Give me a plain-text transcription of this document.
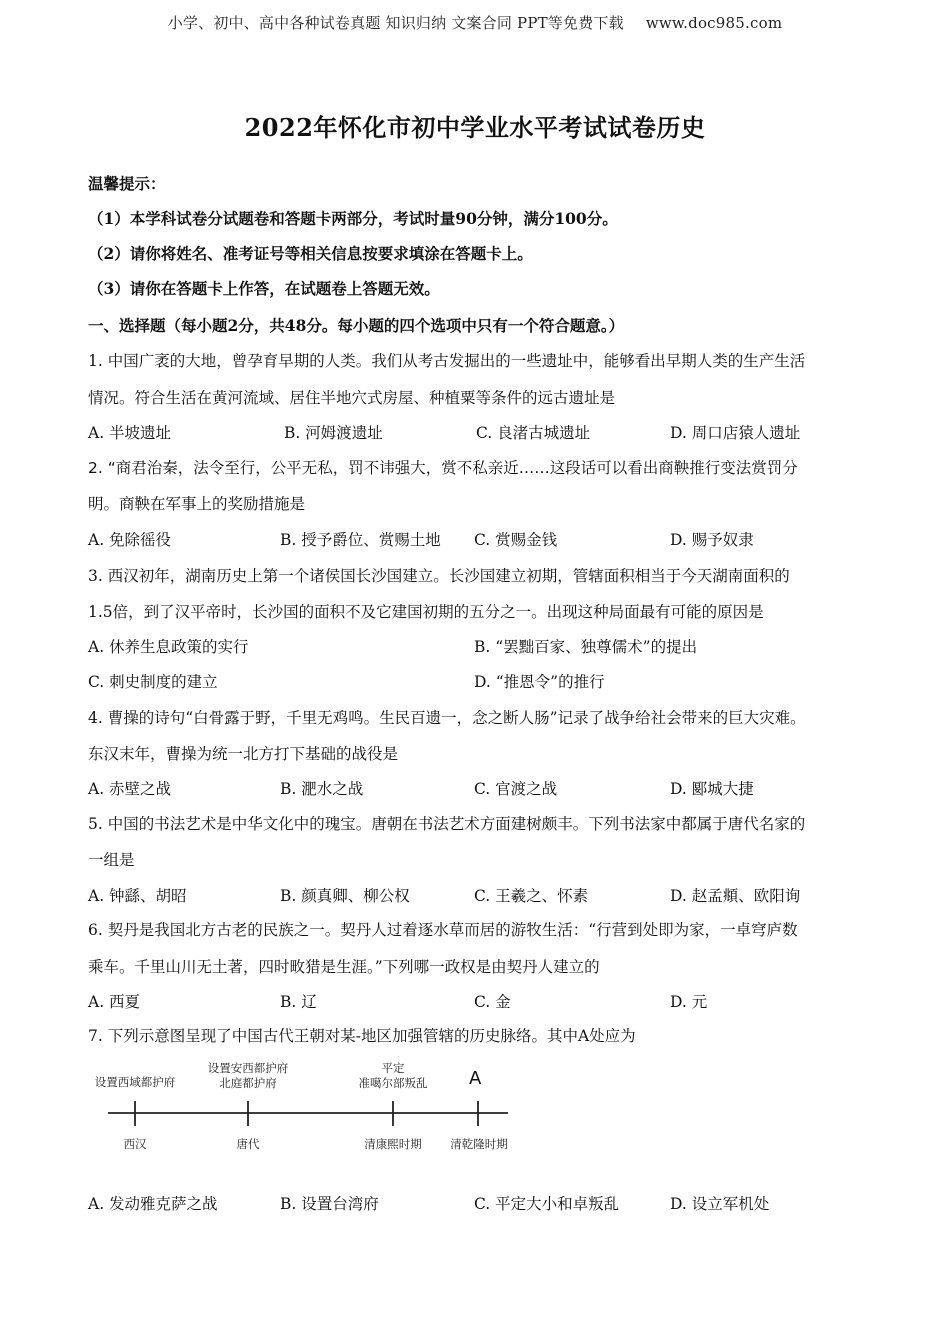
小学、初中、高中各种试卷真题 知识归纳 文案合同 PPT等免费下载 www.doc985.com
2022年怀化市初中学业水平考试试卷历史
温馨提示：
（1）本学科试卷分试题卷和答题卡两部分，考试时量90分钟，满分100分。
（2）请你将姓名、准考证号等相关信息按要求填涂在答题卡上。
（3）请你在答题卡上作答，在试题卷上答题无效。
一、选择题（每小题2分，共48分。每小题的四个选项中只有一个符合题意。）
1. 中国广袤的大地，曾孕育早期的人类。我们从考古发掘出的一些遗址中，能够看出早期人类的生产生活
情况。符合生活在黄河流域、居住半地穴式房屋、种植粟等条件的远古遗址是
A. 半坡遗址	B. 河姆渡遗址	C. 良渚古城遗址	D. 周口店猿人遗址
2. “商君治秦，法令至行，公平无私，罚不讳强大，赏不私亲近……这段话可以看出商鞅推行变法赏罚分
明。商鞅在军事上的奖励措施是
A. 免除徭役	B. 授予爵位、赏赐土地 C. 赏赐金钱	D. 赐予奴隶
3. 西汉初年，湖南历史上第一个诸侯国长沙国建立。长沙国建立初期，管辖面积相当于今天湖南面积的
1.5倍，到了汉平帝时，长沙国的面积不及它建国初期的五分之一。出现这种局面最有可能的原因是
A. 休养生息政策的实行	B. “罢黜百家、独尊儒术”的提出
C. 刺史制度的建立	D. “推恩令”的推行
4. 曹操的诗句“白骨露于野，千里无鸡鸣。生民百遗一，念之断人肠”记录了战争给社会带来的巨大灾难。
东汉末年，曹操为统一北方打下基础的战役是
A. 赤壁之战	B. 淝水之战	C. 官渡之战	D. 郾城大捷
5. 中国的书法艺术是中华文化中的瑰宝。唐朝在书法艺术方面建树颇丰。下列书法家中都属于唐代名家的
一组是
A. 钟繇、胡昭	B. 颜真卿、柳公权	C. 王羲之、怀素	D. 赵孟頫、欧阳询
6. 契丹是我国北方古老的民族之一。契丹人过着逐水草而居的游牧生活：“行营到处即为家，一卓穹庐数
乘车。千里山川无土著，四时畋猎是生涯。”下列哪一政权是由契丹人建立的
A. 西夏	B. 辽	C. 金	D. 元
7. 下列示意图呈现了中国古代王朝对某-地区加强管辖的历史脉络。其中A处应为
设置西域都护府
西汉
设置安西都护府
北庭都护府
唐代
平定
准噶尔部叛乱
清康熙时期
A
清乾隆时期
A. 发动雅克萨之战	B. 设置台湾府	C. 平定大小和卓叛乱	D. 设立军机处
